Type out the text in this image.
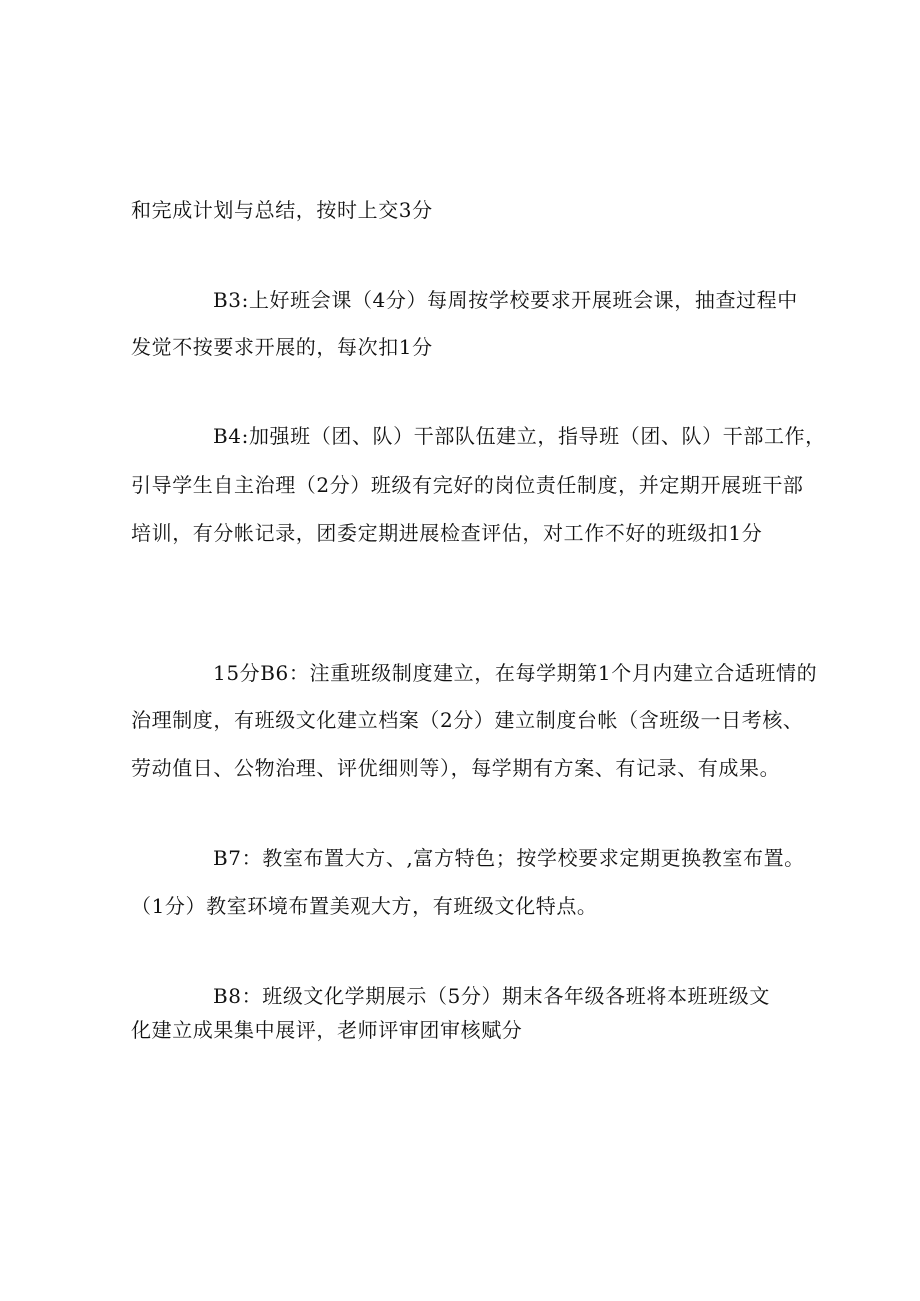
和完成计划与总结，按时上交3分
B3:上好班会课（4分）每周按学校要求开展班会课，抽查过程中
发觉不按要求开展的，每次扣1分
B4:加强班（团、队）干部队伍建立，指导班（团、队）干部工作，
引导学生自主治理（2分）班级有完好的岗位责任制度，并定期开展班干部
培训，有分帐记录，团委定期进展检查评估，对工作不好的班级扣1分
15分B6：注重班级制度建立，在每学期第1个月内建立合适班情的
治理制度，有班级文化建立档案（2分）建立制度台帐（含班级一日考核、
劳动值日、公物治理、评优细则等），每学期有方案、有记录、有成果。
B7：教室布置大方、,富方特色；按学校要求定期更换教室布置。
（1分）教室环境布置美观大方，有班级文化特点。
B8：班级文化学期展示（5分）期末各年级各班将本班班级文
化建立成果集中展评，老师评审团审核赋分
